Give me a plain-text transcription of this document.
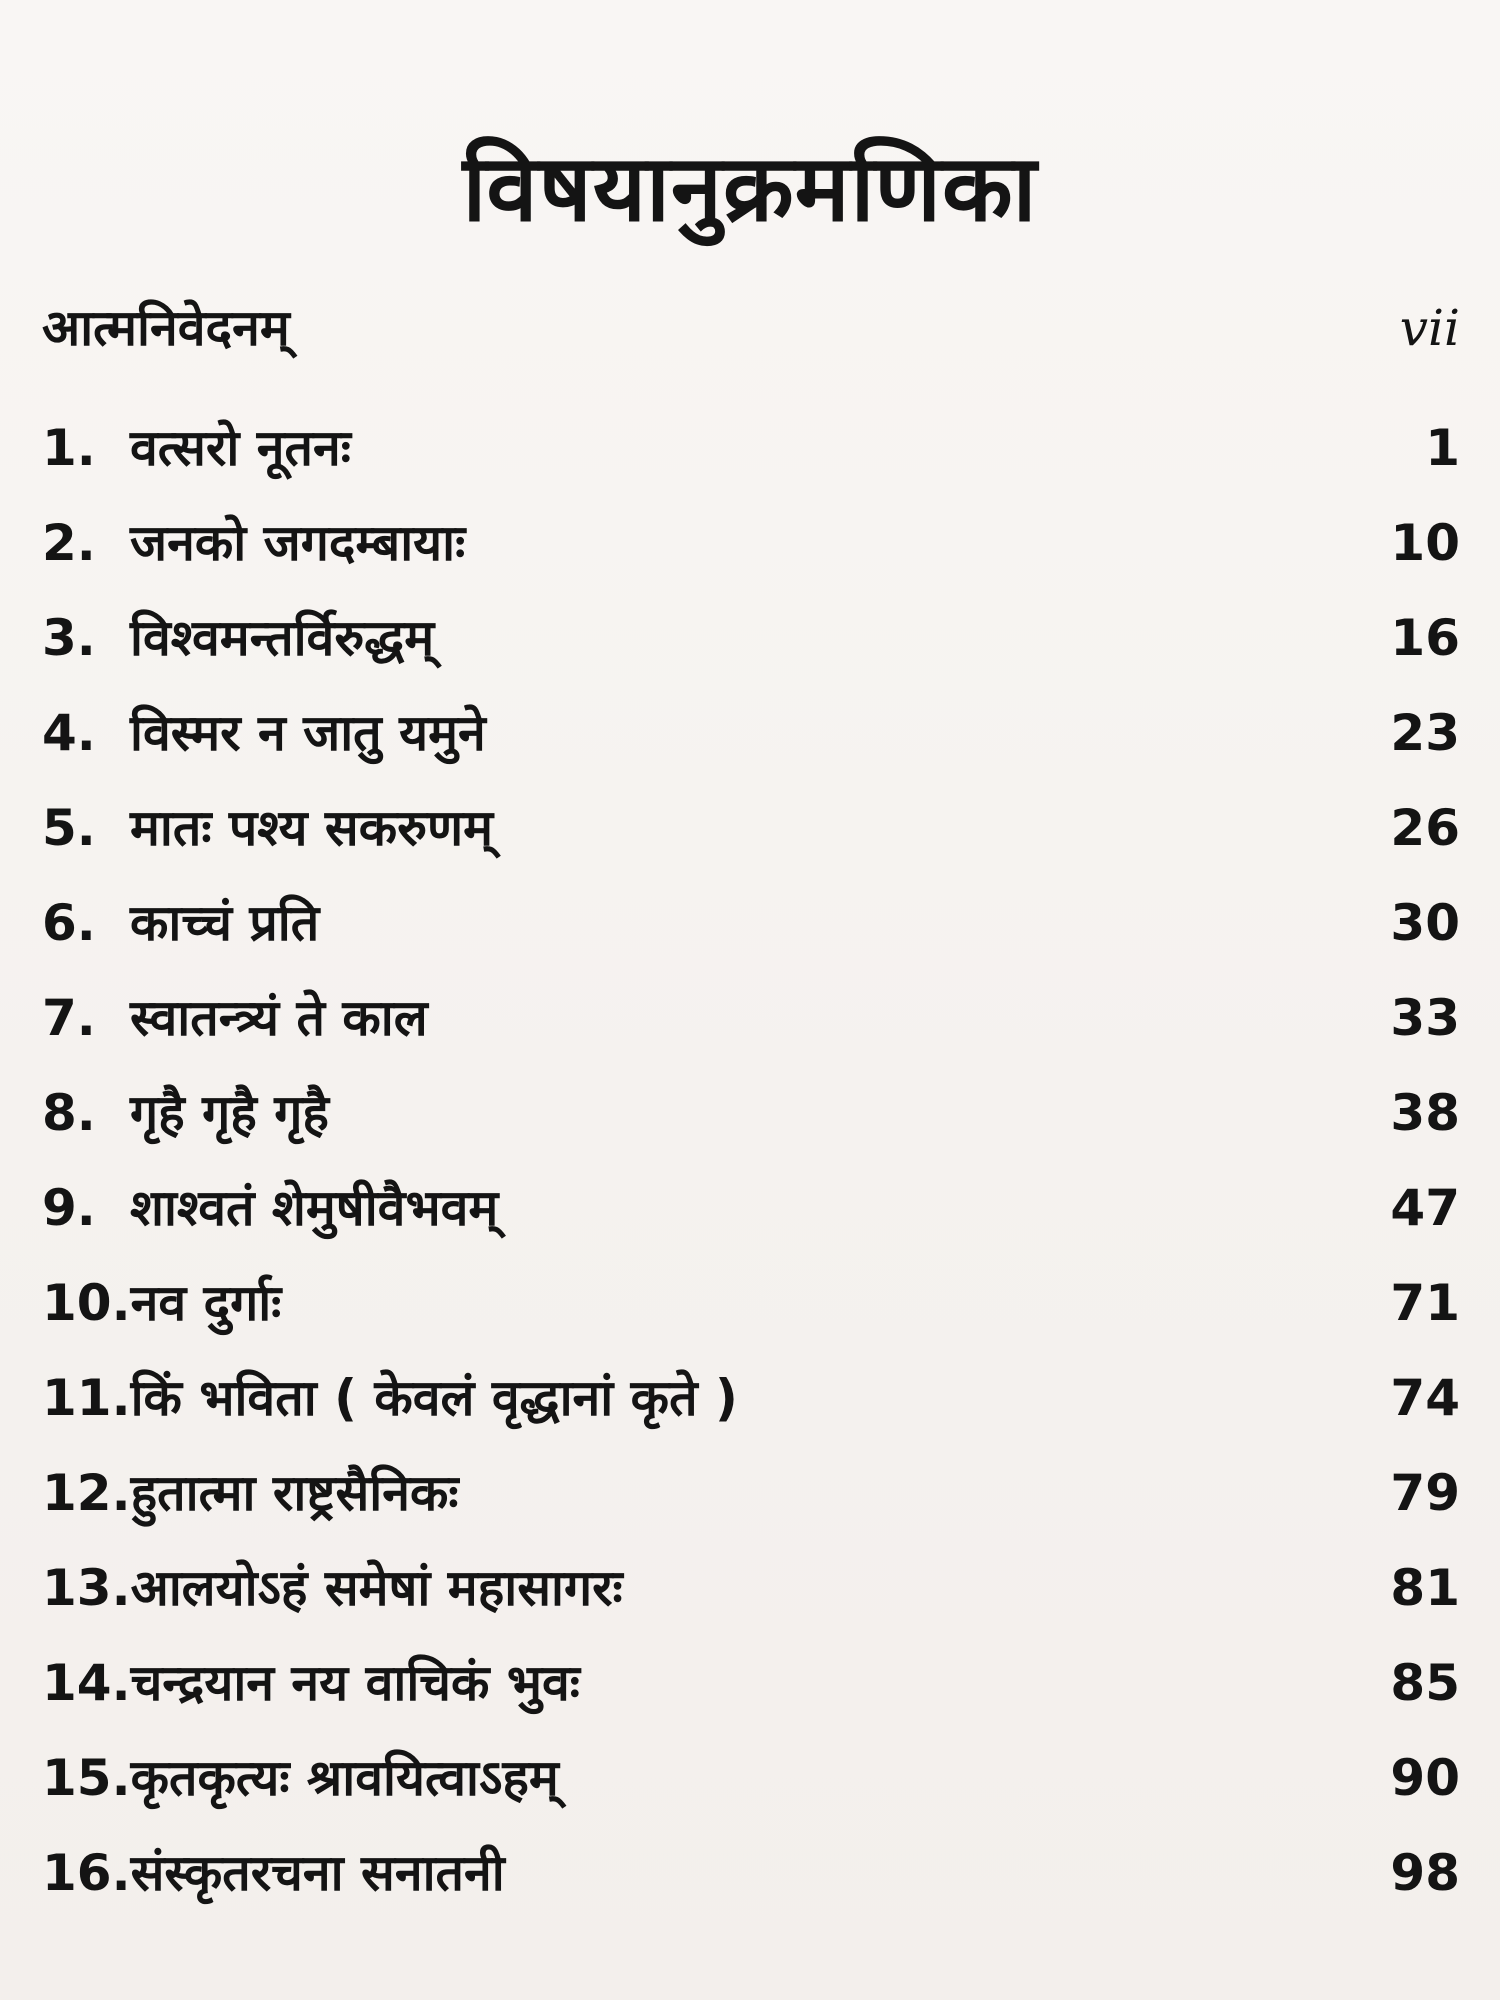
विषयानुक्रमणिका
आत्मनिवेदनम्	vii
1. वत्सरो नूतनः	1
2. जनको जगदम्बायाः	10
3. विश्वमन्तर्विरुद्धम्	16
4. विस्मर न जातु यमुने	23
5. मातः पश्य सकरुणम्	26
6. काच्चं प्रति	30
7. स्वातन्त्र्यं ते काल	33
8. गृहै गृहै गृहै	38
9. शाश्वतं शेमुषीवैभवम्	47
10. नव दुर्गाः	71
11. किं भविता ( केवलं वृद्धानां कृते )	74
12. हुतात्मा राष्ट्रसैनिकः	79
13. आलयोऽहं समेषां महासागरः	81
14. चन्द्रयान नय वाचिकं भुवः	85
15. कृतकृत्यः श्रावयित्वाऽहम्	90
16. संस्कृतरचना सनातनी	98
